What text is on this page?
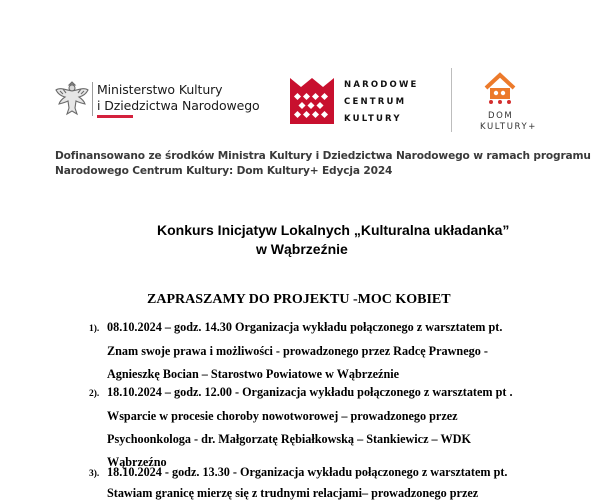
Ministerstwo Kultury
i Dziedzictwa Narodowego
NARODOWE
CENTRUM
KULTURY	DOM
KULTURY+
Dofinansowano ze środków Ministra Kultury i Dziedzictwa Narodowego w ramach programu
Narodowego Centrum Kultury: Dom Kultury+ Edycja 2024
Konkurs Inicjatyw Lokalnych „Kulturalna układanka”
w Wąbrzeźnie
ZAPRASZAMY DO PROJEKTU -MOC KOBIET
1). 08.10.2024 – godz. 14.30 Organizacja wykładu połączonego z warsztatem pt.
Znam swoje prawa i możliwości - prowadzonego przez Radcę Prawnego -
Agnieszkę Bocian – Starostwo Powiatowe w Wąbrzeźnie
2). 18.10.2024 – godz. 12.00 - Organizacja wykładu połączonego z warsztatem pt .
Wsparcie w procesie choroby nowotworowej – prowadzonego przez
Psychoonkologa - dr. Małgorzatę Rębiałkowską – Stankiewicz – WDK
Wąbrzeźno
3). 18.10.2024 - godz. 13.30 - Organizacja wykładu połączonego z warsztatem pt.
Stawiam granicę mierzę się z trudnymi relacjami– prowadzonego przez
